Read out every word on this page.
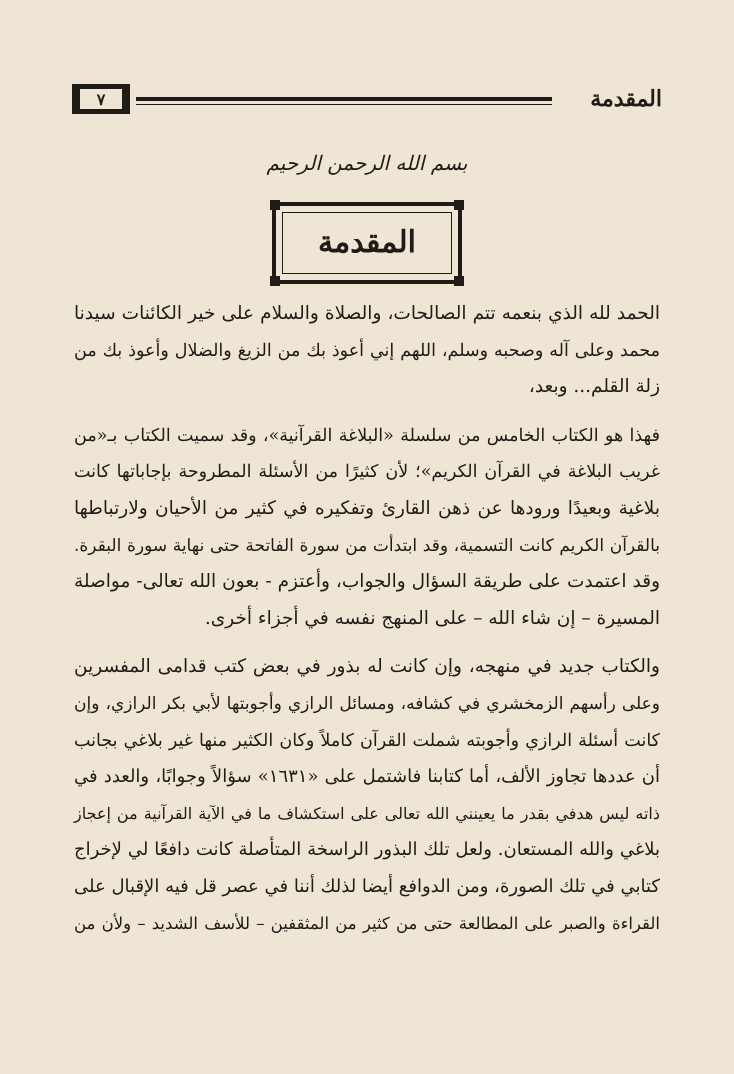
المقدمة
٧
بسم الله الرحمن الرحيم
المقدمة
الحمد لله الذي بنعمه تتم الصالحات، والصلاة والسلام على خير الكائنات سيدنا
محمد وعلى آله وصحبه وسلم، اللهم إني أعوذ بك من الزيغ والضلال وأعوذ بك من
زلة القلم... وبعد،
فهذا هو الكتاب الخامس من سلسلة «البلاغة القرآنية»، وقد سميت الكتاب بـ«من
غريب البلاغة في القرآن الكريم»؛ لأن كثيرًا من الأسئلة المطروحة بإجاباتها كانت
بلاغية وبعيدًا ورودها عن ذهن القارئ وتفكيره في كثير من الأحيان ولارتباطها
بالقرآن الكريم كانت التسمية، وقد ابتدأت من سورة الفاتحة حتى نهاية سورة البقرة.
وقد اعتمدت على طريقة السؤال والجواب، وأعتزم - بعون الله تعالى- مواصلة
المسيرة – إن شاء الله – على المنهج نفسه في أجزاء أخرى.
والكتاب جديد في منهجه، وإن كانت له بذور في بعض كتب قدامى المفسرين
وعلى رأسهم الزمخشري في كشافه، ومسائل الرازي وأجوبتها لأبي بكر الرازي، وإن
كانت أسئلة الرازي وأجوبته شملت القرآن كاملاً وكان الكثير منها غير بلاغي بجانب
أن عددها تجاوز الألف، أما كتابنا فاشتمل على «١٦٣١» سؤالاً وجوابًا، والعدد في
ذاته ليس هدفي بقدر ما يعينني الله تعالى على استكشاف ما في الآية القرآنية من إعجاز
بلاغي والله المستعان. ولعل تلك البذور الراسخة المتأصلة كانت دافعًا لي لإخراج
كتابي في تلك الصورة، ومن الدوافع أيضا لذلك أننا في عصر قل فيه الإقبال على
القراءة والصبر على المطالعة حتى من كثير من المثقفين – للأسف الشديد – ولأن من
